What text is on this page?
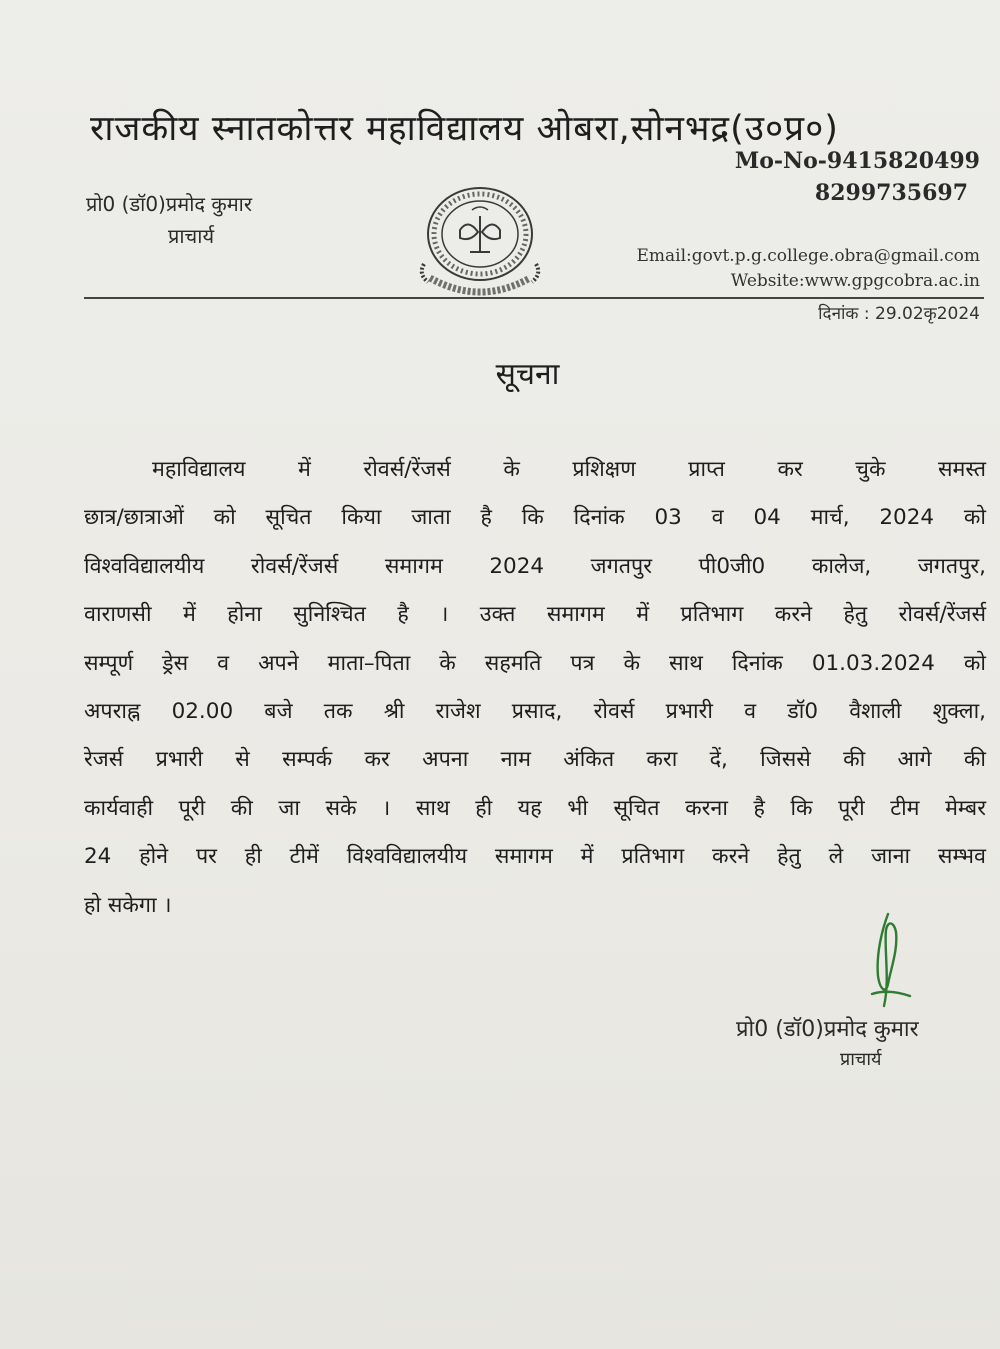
राजकीय स्नातकोत्तर महाविद्यालय ओबरा,सोनभद्र(उ०प्र०)
Mo-No-9415820499
8299735697
प्रो0 (डॉ0)प्रमोद कुमार
प्राचार्य
Email:govt.p.g.college.obra@gmail.com
Website:www.gpgcobra.ac.in
दिनांक : 29.02कृ2024
सूचना
महाविद्यालय में रोवर्स/रेंजर्स के प्रशिक्षण प्राप्त कर चुके समस्त
छात्र/छात्राओं को सूचित किया जाता है कि दिनांक 03 व 04 मार्च, 2024 को
विश्वविद्यालयीय रोवर्स/रेंजर्स समागम 2024 जगतपुर पी0जी0 कालेज, जगतपुर,
वाराणसी में होना सुनिश्चित है । उक्त समागम में प्रतिभाग करने हेतु रोवर्स/रेंजर्स
सम्पूर्ण ड्रेस व अपने माता–पिता के सहमति पत्र के साथ दिनांक 01.03.2024 को
अपराह्न 02.00 बजे तक श्री राजेश प्रसाद, रोवर्स प्रभारी व डॉ0 वैशाली शुक्ला,
रेजर्स प्रभारी से सम्पर्क कर अपना नाम अंकित करा दें, जिससे की आगे की
कार्यवाही पूरी की जा सके । साथ ही यह भी सूचित करना है कि पूरी टीम मेम्बर
24 होने पर ही टीमें विश्वविद्यालयीय समागम में प्रतिभाग करने हेतु ले जाना सम्भव
हो सकेगा ।
प्रो0 (डॉ0)प्रमोद कुमार
प्राचार्य
